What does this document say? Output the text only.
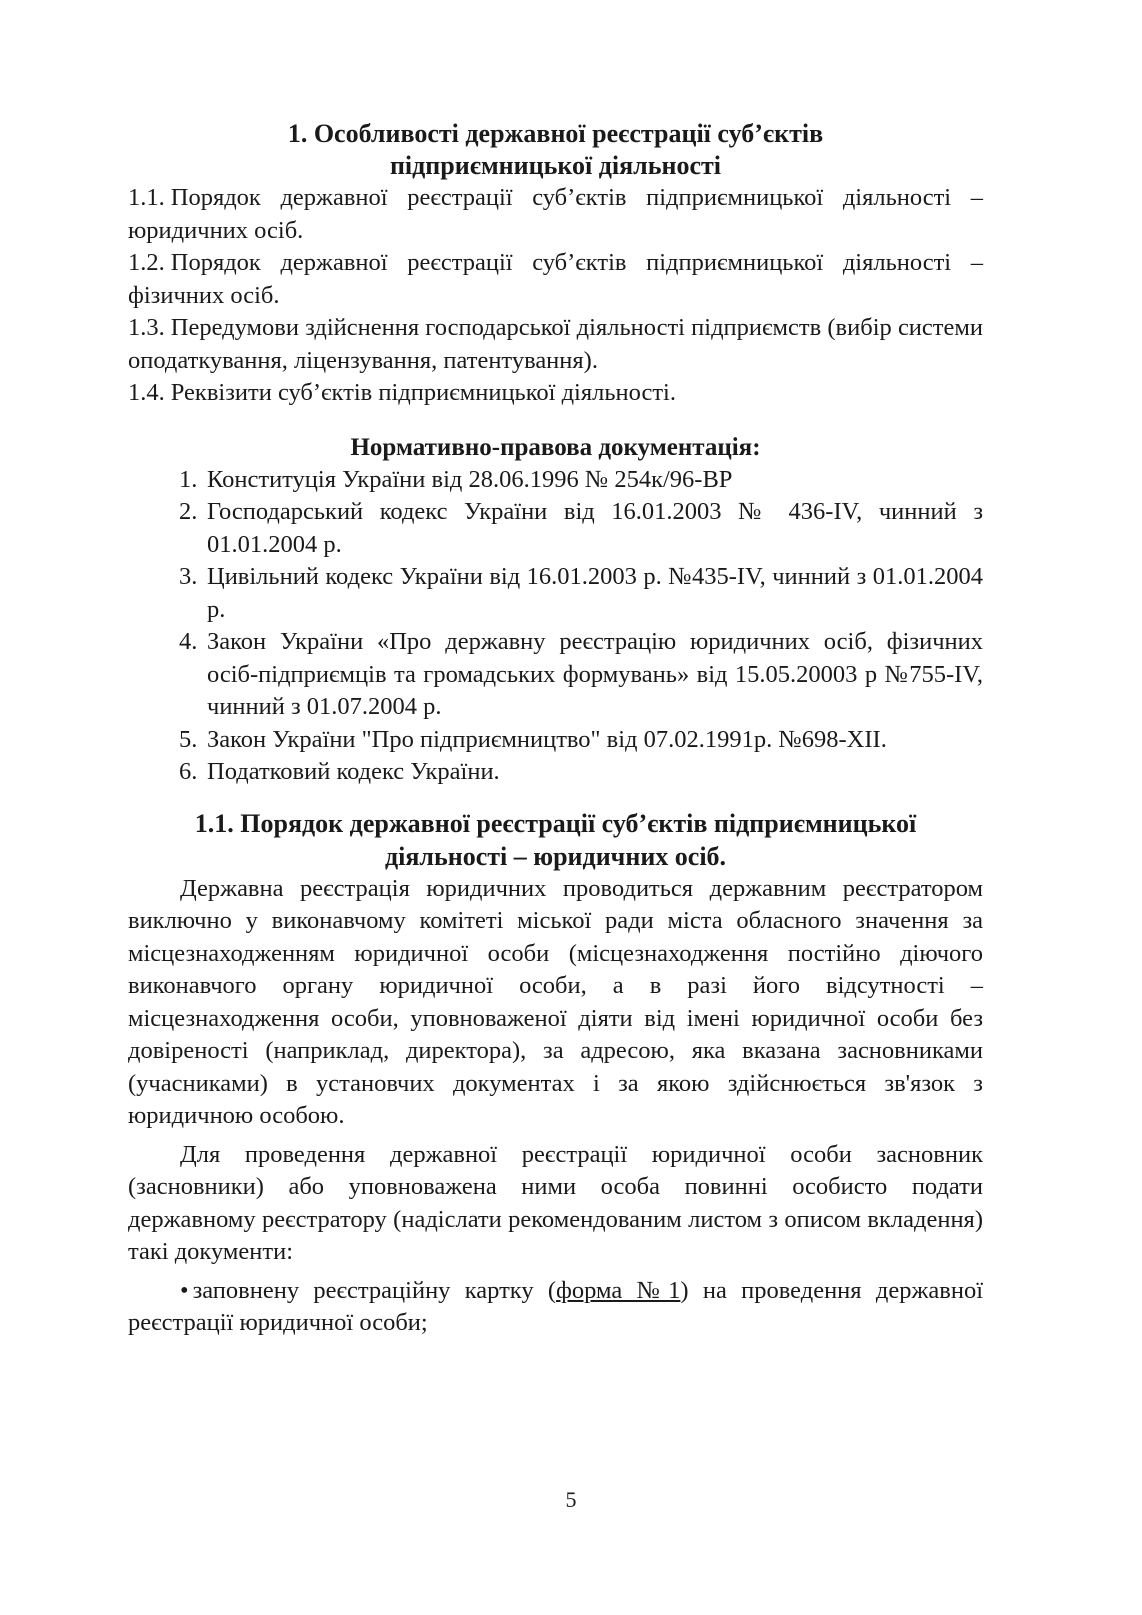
1. Особливості державної реєстрації суб’єктів
підприємницької діяльності
1.1. Порядок державної реєстрації суб’єктів підприємницької діяльності – юридичних осіб.
1.2. Порядок державної реєстрації суб’єктів підприємницької діяльності – фізичних осіб.
1.3. Передумови здійснення господарської діяльності підприємств (вибір системи оподаткування, ліцензування, патентування).
1.4. Реквізити суб’єктів підприємницької діяльності.
Нормативно-правова документація:
1. Конституція України від 28.06.1996 № 254к/96-ВР
2. Господарський кодекс України від 16.01.2003 № 436-IV, чинний з 01.01.2004 р.
3. Цивільний кодекс України від 16.01.2003 р. №435-IV, чинний з 01.01.2004 р.
4. Закон України «Про державну реєстрацію юридичних осіб, фізичних осіб-підприємців та громадських формувань» від 15.05.20003 р №755-IV, чинний з 01.07.2004 р.
5. Закон України "Про підприємництво" від 07.02.1991р. №698-XII.
6. Податковий кодекс України.
1.1. Порядок державної реєстрації суб’єктів підприємницької
діяльності – юридичних осіб.

Державна реєстрація юридичних проводиться державним реєстратором виключно у виконавчому комітеті міської ради міста обласного значення за місцезнаходженням юридичної особи (місцезнаходження постійно діючого виконавчого органу юридичної особи, а в разі його відсутності – місцезнаходження особи, уповноваженої діяти від імені юридичної особи без довіреності (наприклад, директора), за адресою, яка вказана засновниками (учасниками) в установчих документах і за якою здійснюється зв'язок з юридичною особою.

Для проведення державної реєстрації юридичної особи засновник (засновники) або уповноважена ними особа повинні особисто подати державному реєстратору (надіслати рекомендованим листом з описом вкладення) такі документи:

• заповнену реєстраційну картку (форма №1) на проведення державної реєстрації юридичної особи;

5
